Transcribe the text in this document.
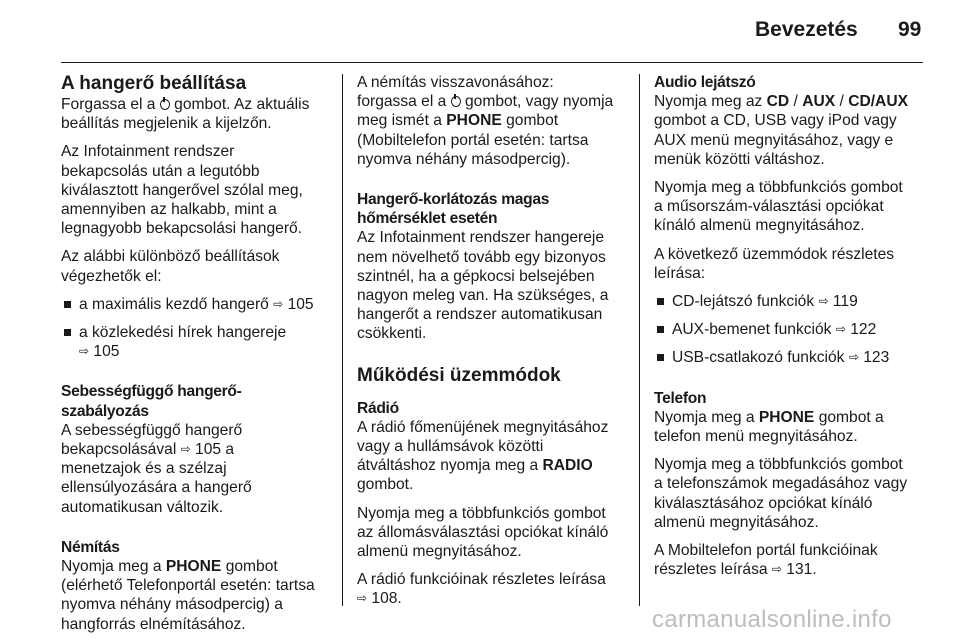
Bevezetés 99
A hangerő beállítása

Forgassa el a gombot. Az aktuális
beállítás megjelenik a kijelzőn.

Az Infotainment rendszer
bekapcsolás után a legutóbb
kiválasztott hangerővel szólal meg,
amennyiben az halkabb, mint a
legnagyobb bekapcsolási hangerő.

Az alábbi különböző beállítások
végezhetők el:

a maximális kezdő hangerő ⇨ 105
a közlekedési hírek hangereje
⇨ 105
Sebességfüggő hangerő-
szabályozás

A sebességfüggő hangerő
bekapcsolásával ⇨ 105 a
menetzajok és a szélzaj
ellensúlyozására a hangerő
automatikusan változik.

Némítás

Nyomja meg a PHONE gombot
(elérhető Telefonportál esetén: tartsa
nyomva néhány másodpercig) a
hangforrás elnémításához.

A némítás visszavonásához:
forgassa el a gombot, vagy nyomja
meg ismét a PHONE gombot
(Mobiltelefon portál esetén: tartsa
nyomva néhány másodpercig).

Hangerő-korlátozás magas
hőmérséklet esetén

Az Infotainment rendszer hangereje
nem növelhető tovább egy bizonyos
szintnél, ha a gépkocsi belsejében
nagyon meleg van. Ha szükséges, a
hangerőt a rendszer automatikusan
csökkenti.

Működési üzemmódok
Rádió

A rádió főmenüjének megnyitásához
vagy a hullámsávok közötti
átváltáshoz nyomja meg a RADIO
gombot.

Nyomja meg a többfunkciós gombot
az állomásválasztási opciókat kínáló
almenü megnyitásához.

A rádió funkcióinak részletes leírása
⇨ 108.

Audio lejátszó

Nyomja meg az CD / AUX / CD/AUX
gombot a CD, USB vagy iPod vagy
AUX menü megnyitásához, vagy e
menük közötti váltáshoz.

Nyomja meg a többfunkciós gombot
a műsorszám-választási opciókat
kínáló almenü megnyitásához.

A következő üzemmódok részletes
leírása:

CD-lejátszó funkciók ⇨ 119
AUX-bemenet funkciók ⇨ 122
USB-csatlakozó funkciók ⇨ 123
Telefon

Nyomja meg a PHONE gombot a
telefon menü megnyitásához.

Nyomja meg a többfunkciós gombot
a telefonszámok megadásához vagy
kiválasztásához opciókat kínáló
almenü megnyitásához.

A Mobiltelefon portál funkcióinak
részletes leírása ⇨ 131.

carmanualsonline.info
